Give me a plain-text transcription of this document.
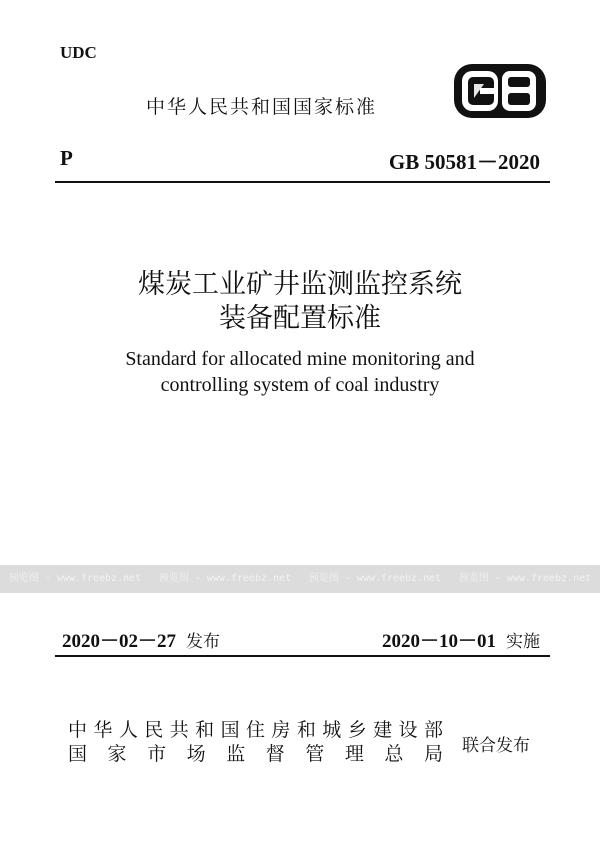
UDC
中华人民共和国国家标准
P	GB 50581－2020
煤炭工业矿井监测监控系统
装备配置标准
Standard for allocated mine monitoring and
controlling system of coal industry
预览图 - www.freebz.net 预览图 - www.freebz.net 预览图 - www.freebz.net 预览图 - www.freebz.net
2020－02－27 发布	2020－10－01 实施
中华人民共和国住房和城乡建设部
国家市场监督管理总局 联合发布
